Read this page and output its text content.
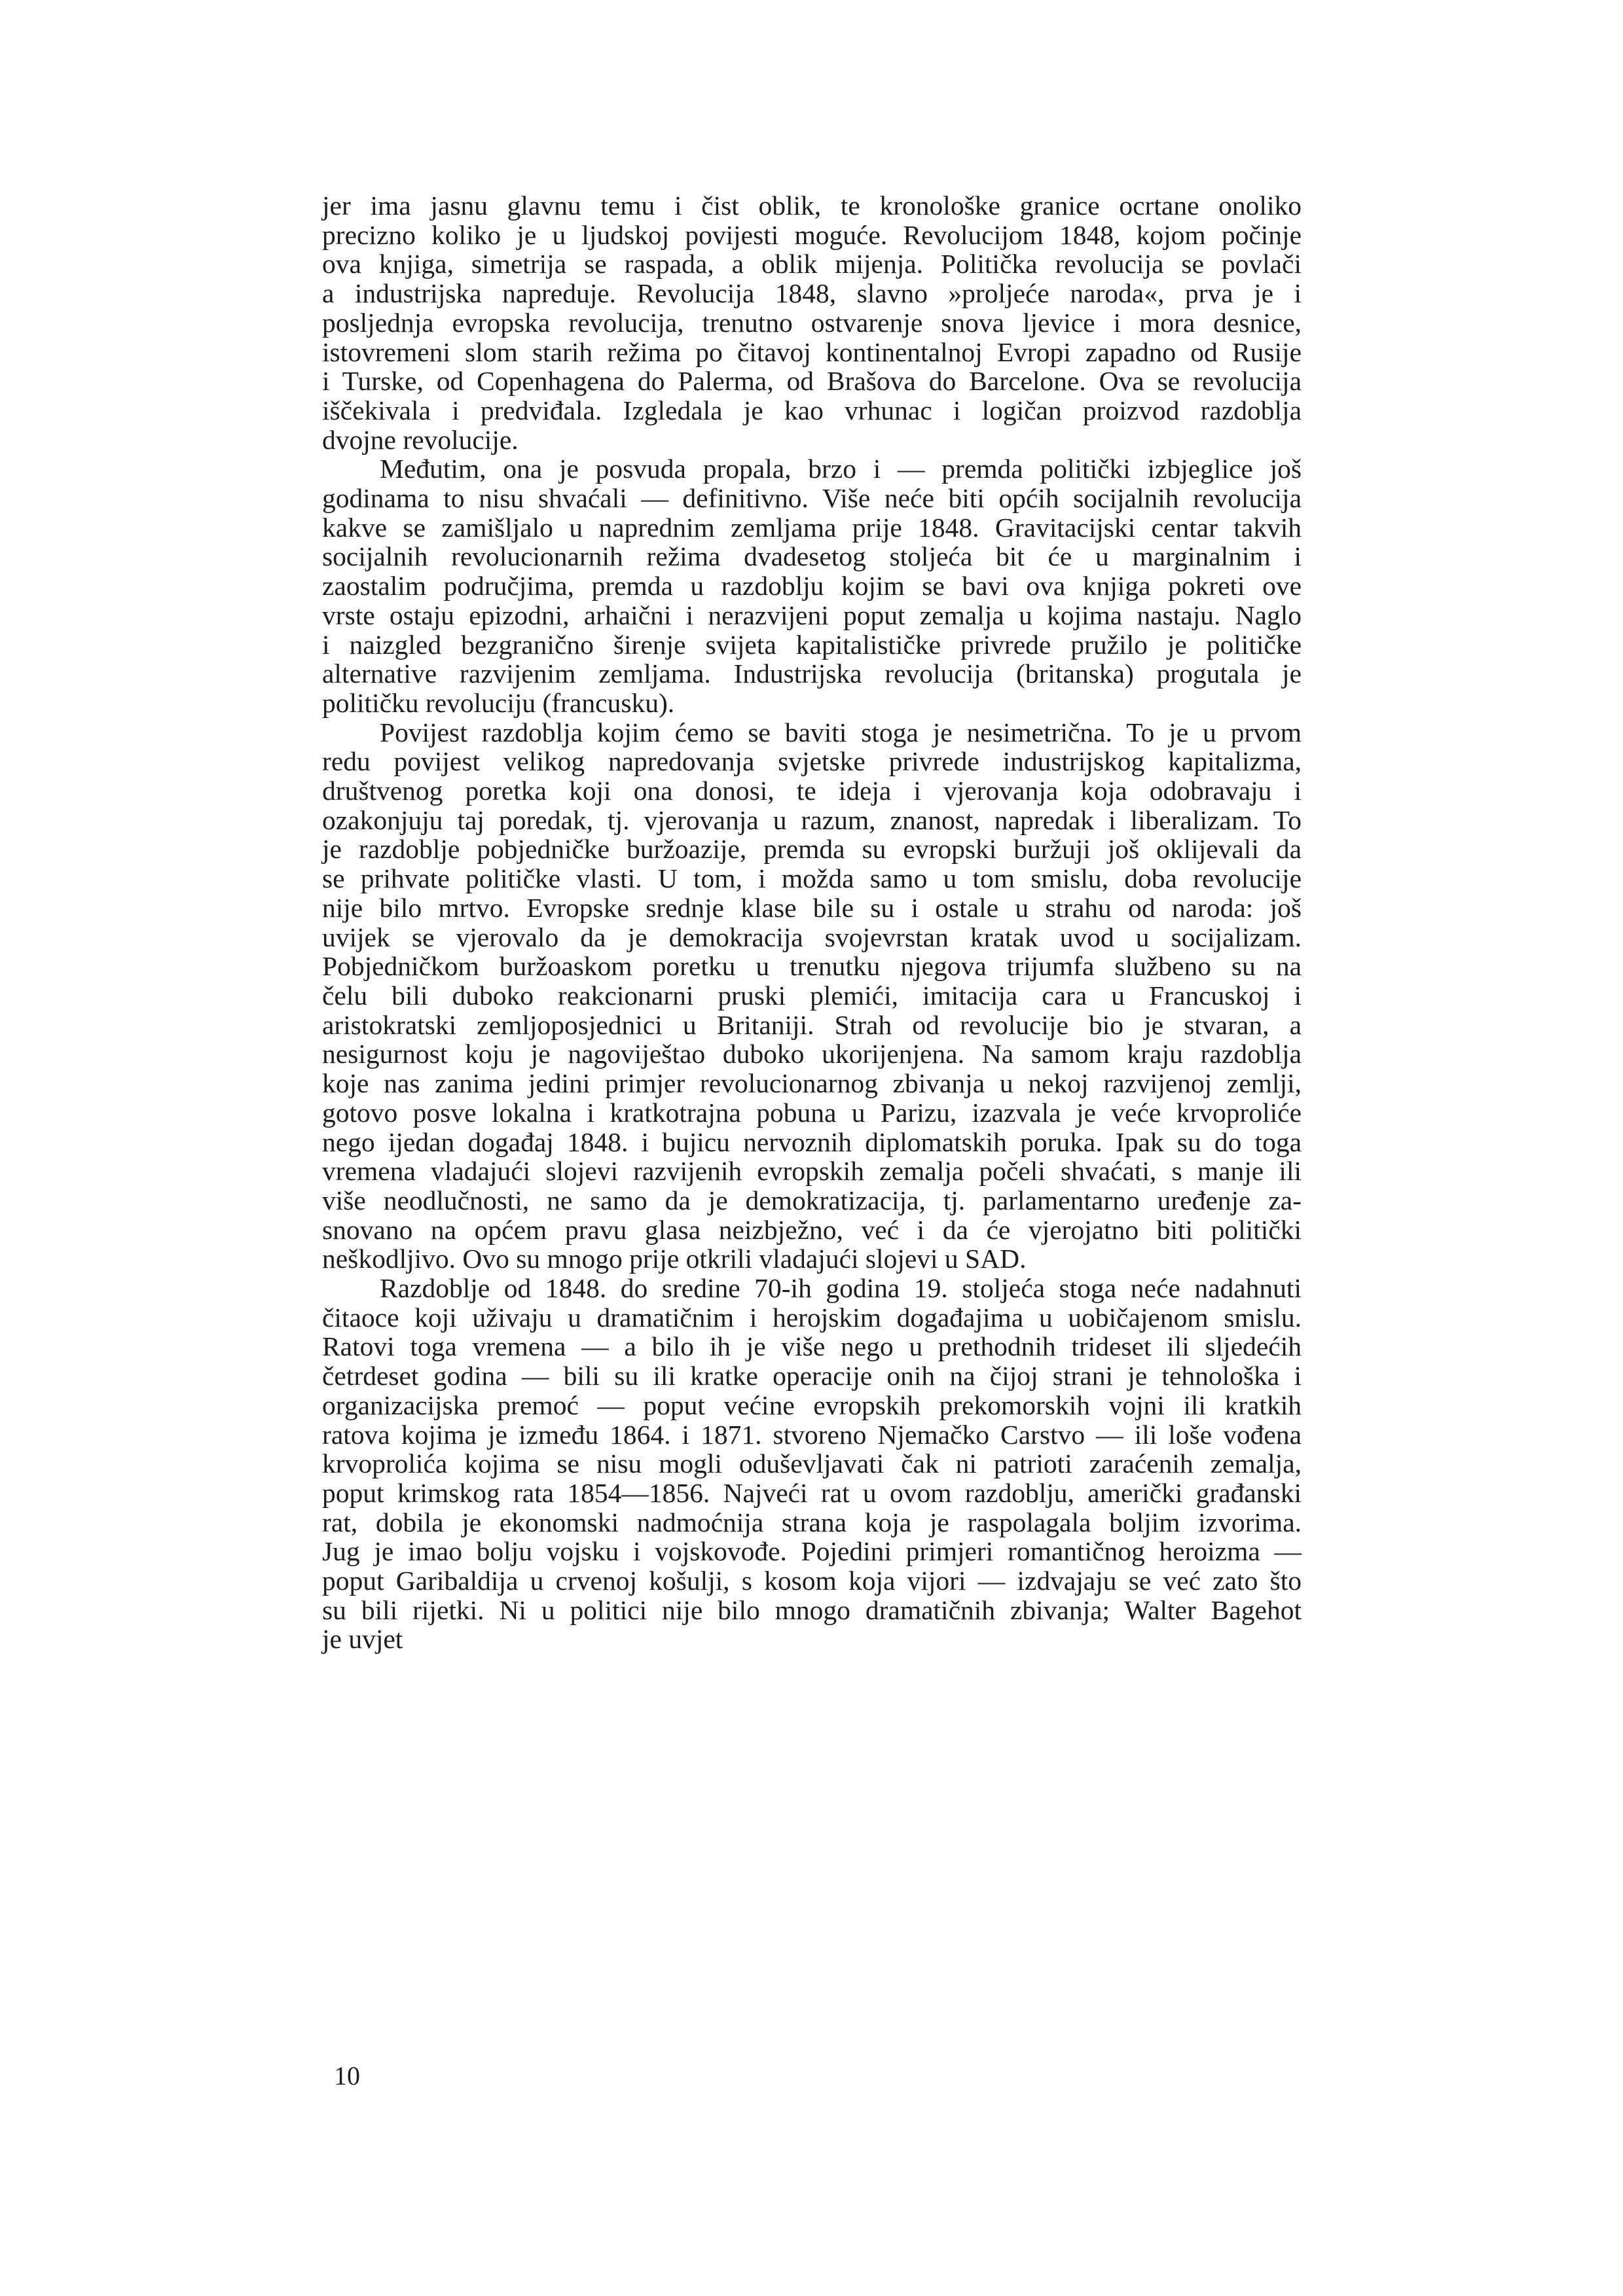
jer ima jasnu glavnu temu i čist oblik, te kronološke granice ocrtane onoliko
precizno koliko je u ljudskoj povijesti moguće. Revolucijom 1848, kojom počinje
ova knjiga, simetrija se raspada, a oblik mijenja. Politička revolucija se povlači
a industrijska napreduje. Revolucija 1848, slavno »proljeće naroda«, prva je i
posljednja evropska revolucija, trenutno ostvarenje snova ljevice i mora desnice,
istovremeni slom starih režima po čitavoj kontinentalnoj Evropi zapadno od Rusije
i Turske, od Copenhagena do Palerma, od Brašova do Barcelone. Ova se revolucija
iščekivala i predviđala. Izgledala je kao vrhunac i logičan proizvod razdoblja
dvojne revolucije.
Međutim, ona je posvuda propala, brzo i — premda politički izbjeglice još
godinama to nisu shvaćali — definitivno. Više neće biti općih socijalnih revolucija
kakve se zamišljalo u naprednim zemljama prije 1848. Gravitacijski centar takvih
socijalnih revolucionarnih režima dvadesetog stoljeća bit će u marginalnim i
zaostalim područjima, premda u razdoblju kojim se bavi ova knjiga pokreti ove
vrste ostaju epizodni, arhaični i nerazvijeni poput zemalja u kojima nastaju. Naglo
i naizgled bezgranično širenje svijeta kapitalističke privrede pružilo je političke
alternative razvijenim zemljama. Industrijska revolucija (britanska) progutala je
političku revoluciju (francusku).
Povijest razdoblja kojim ćemo se baviti stoga je nesimetrična. To je u prvom
redu povijest velikog napredovanja svjetske privrede industrijskog kapitalizma,
društvenog poretka koji ona donosi, te ideja i vjerovanja koja odobravaju i
ozakonjuju taj poredak, tj. vjerovanja u razum, znanost, napredak i liberalizam. To
je razdoblje pobjedničke buržoazije, premda su evropski buržuji još oklijevali da
se prihvate političke vlasti. U tom, i možda samo u tom smislu, doba revolucije
nije bilo mrtvo. Evropske srednje klase bile su i ostale u strahu od naroda: još
uvijek se vjerovalo da je demokracija svojevrstan kratak uvod u socijalizam.
Pobjedničkom buržoaskom poretku u trenutku njegova trijumfa službeno su na
čelu bili duboko reakcionarni pruski plemići, imitacija cara u Francuskoj i
aristokratski zemljoposjednici u Britaniji. Strah od revolucije bio je stvaran, a
nesigurnost koju je nagoviještao duboko ukorijenjena. Na samom kraju razdoblja
koje nas zanima jedini primjer revolucionarnog zbivanja u nekoj razvijenoj zemlji,
gotovo posve lokalna i kratkotrajna pobuna u Parizu, izazvala je veće krvoproliće
nego ijedan događaj 1848. i bujicu nervoznih diplomatskih poruka. Ipak su do toga
vremena vladajući slojevi razvijenih evropskih zemalja počeli shvaćati, s manje ili
više neodlučnosti, ne samo da je demokratizacija, tj. parlamentarno uređenje za-
snovano na općem pravu glasa neizbježno, već i da će vjerojatno biti politički
neškodljivo. Ovo su mnogo prije otkrili vladajući slojevi u SAD.
Razdoblje od 1848. do sredine 70-ih godina 19. stoljeća stoga neće nadahnuti
čitaoce koji uživaju u dramatičnim i herojskim događajima u uobičajenom smislu.
Ratovi toga vremena — a bilo ih je više nego u prethodnih trideset ili sljedećih
četrdeset godina — bili su ili kratke operacije onih na čijoj strani je tehnološka i
organizacijska premoć — poput većine evropskih prekomorskih vojni ili kratkih
ratova kojima je između 1864. i 1871. stvoreno Njemačko Carstvo — ili loše vođena
krvoprolića kojima se nisu mogli oduševljavati čak ni patrioti zaraćenih zemalja,
poput krimskog rata 1854—1856. Najveći rat u ovom razdoblju, američki građanski
rat, dobila je ekonomski nadmoćnija strana koja je raspolagala boljim izvorima.
Jug je imao bolju vojsku i vojskovođe. Pojedini primjeri romantičnog heroizma —
poput Garibaldija u crvenoj košulji, s kosom koja vijori — izdvajaju se već zato što
su bili rijetki. Ni u politici nije bilo mnogo dramatičnih zbivanja; Walter Bagehot
je uvjet
10
